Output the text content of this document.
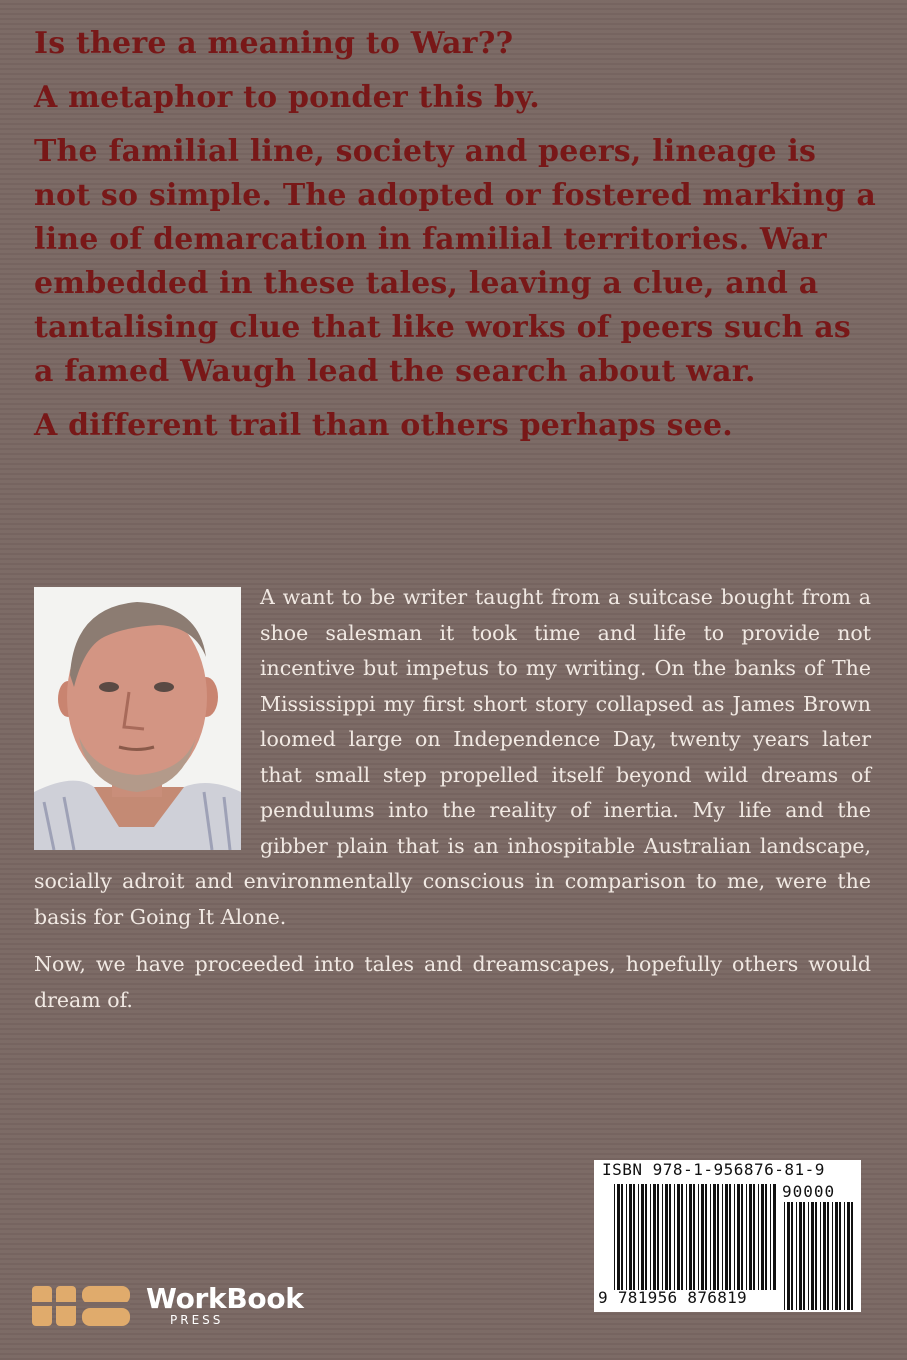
Is there a meaning to War??

A metaphor to ponder this by.

The familial line, society and peers, lineage is not so simple. The adopted or fostered marking a line of demarcation in familial territories. War embedded in these tales, leaving a clue, and a tantalising clue that like works of peers such as a famed Waugh lead the search about war.

A different trail than others perhaps see.

A want to be writer taught from a suitcase bought from a shoe salesman it took time and life to provide not incentive but impetus to my writing. On the banks of The Mississippi my first short story collapsed as James Brown loomed large on Independence Day, twenty years later that small step propelled itself beyond wild dreams of pendulums into the reality of inertia. My life and the gibber plain that is an inhospitable Australian landscape, socially adroit and environmentally conscious in comparison to me, were the basis for Going It Alone.

Now, we have proceeded into tales and dreamscapes, hopefully others would dream of.

ISBN 978-1-956876-81-9
90000
9 781956 876819
WorkBook
PRESS
